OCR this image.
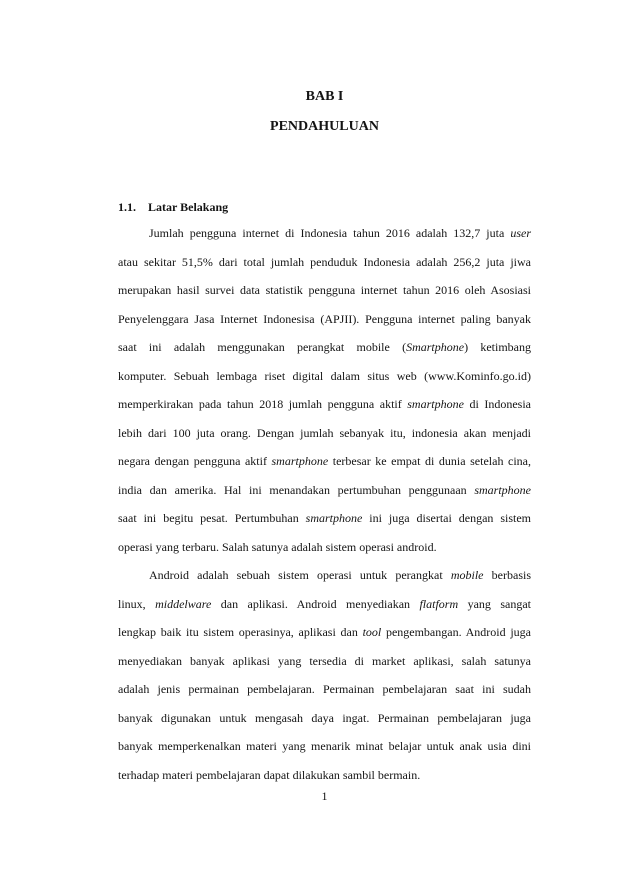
BAB I
PENDAHULUAN
1.1. Latar Belakang
Jumlah pengguna internet di Indonesia tahun 2016 adalah 132,7 juta user
atau sekitar 51,5% dari total jumlah penduduk Indonesia adalah 256,2 juta jiwa
merupakan hasil survei data statistik pengguna internet tahun 2016 oleh Asosiasi
Penyelenggara Jasa Internet Indonesisa (APJII). Pengguna internet paling banyak
saat ini adalah menggunakan perangkat mobile (Smartphone) ketimbang
komputer. Sebuah lembaga riset digital dalam situs web (www.Kominfo.go.id)
memperkirakan pada tahun 2018 jumlah pengguna aktif smartphone di Indonesia
lebih dari 100 juta orang. Dengan jumlah sebanyak itu, indonesia akan menjadi
negara dengan pengguna aktif smartphone terbesar ke empat di dunia setelah cina,
india dan amerika. Hal ini menandakan pertumbuhan penggunaan smartphone
saat ini begitu pesat. Pertumbuhan smartphone ini juga disertai dengan sistem
operasi yang terbaru. Salah satunya adalah sistem operasi android.
Android adalah sebuah sistem operasi untuk perangkat mobile berbasis
linux, middelware dan aplikasi. Android menyediakan flatform yang sangat
lengkap baik itu sistem operasinya, aplikasi dan tool pengembangan. Android juga
menyediakan banyak aplikasi yang tersedia di market aplikasi, salah satunya
adalah jenis permainan pembelajaran. Permainan pembelajaran saat ini sudah
banyak digunakan untuk mengasah daya ingat. Permainan pembelajaran juga
banyak memperkenalkan materi yang menarik minat belajar untuk anak usia dini
terhadap materi pembelajaran dapat dilakukan sambil bermain.
1
